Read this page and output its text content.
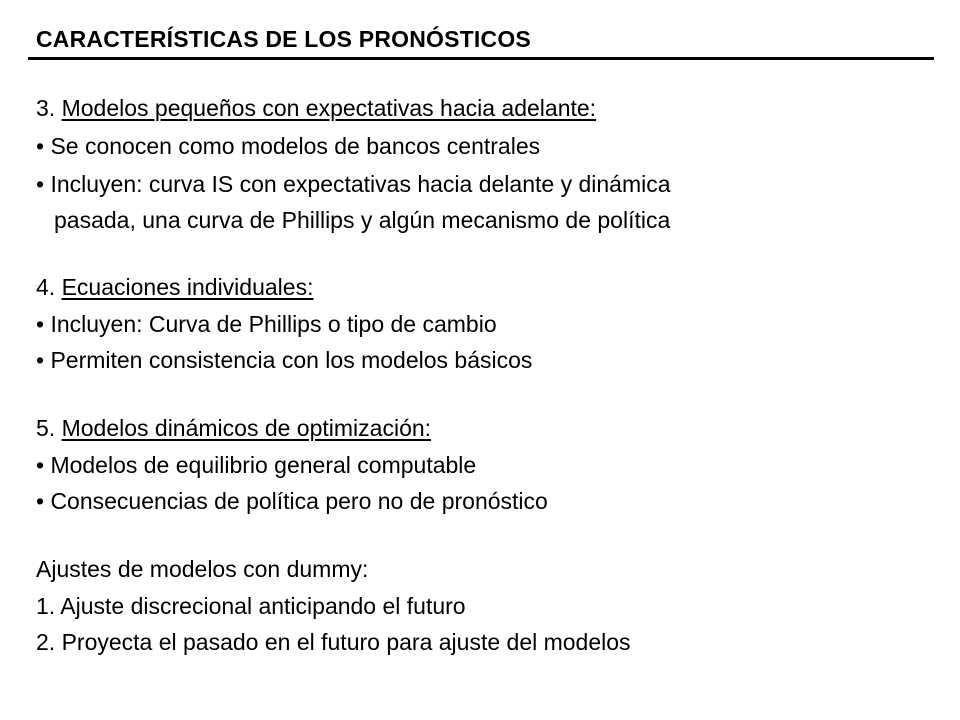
CARACTERÍSTICAS DE LOS PRONÓSTICOS
3. Modelos pequeños con expectativas hacia adelante:
• Se conocen como modelos de bancos centrales
• Incluyen: curva IS con expectativas hacia delante y dinámica
pasada, una curva de Phillips y algún mecanismo de política
4. Ecuaciones individuales:
• Incluyen: Curva de Phillips o tipo de cambio
• Permiten consistencia con los modelos básicos
5. Modelos dinámicos de optimización:
• Modelos de equilibrio general computable
• Consecuencias de política pero no de pronóstico
Ajustes de modelos con dummy:
1. Ajuste discrecional anticipando el futuro
2. Proyecta el pasado en el futuro para ajuste del modelos
